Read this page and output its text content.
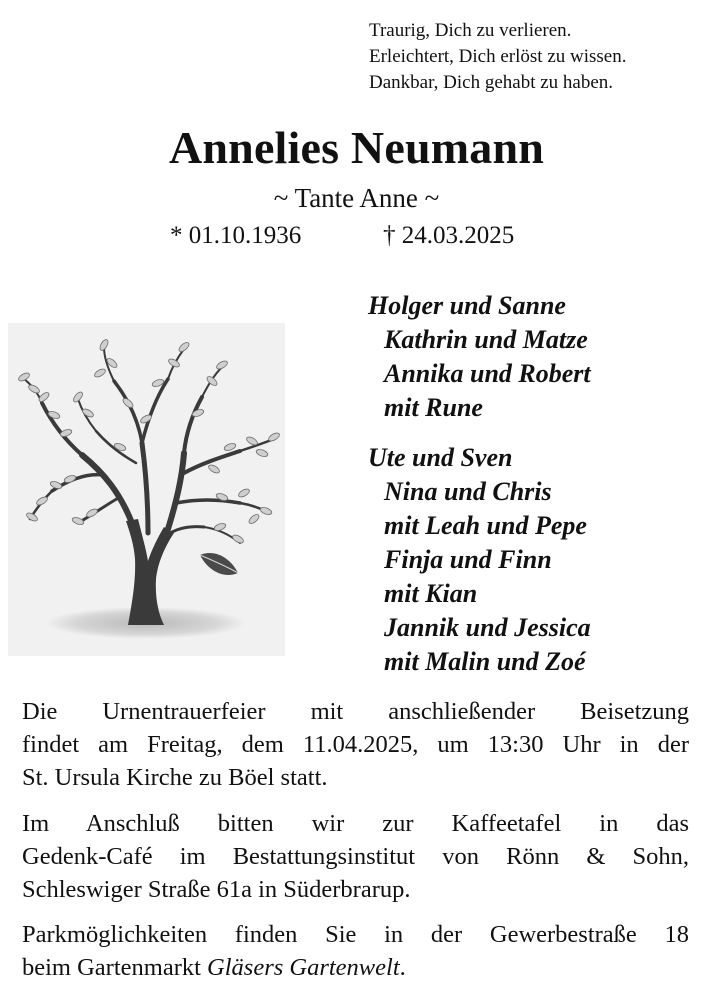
Traurig, Dich zu verlieren.
Erleichtert, Dich erlöst zu wissen.
Dankbar, Dich gehabt zu haben.
Annelies Neumann
~ Tante Anne ~
* 01.10.1936	† 24.03.2025
Holger und Sanne
Kathrin und Matze
Annika und Robert
mit Rune
Ute und Sven
Nina und Chris
mit Leah und Pepe
Finja und Finn
mit Kian
Jannik und Jessica
mit Malin und Zoé
Die Urnentrauerfeier mit anschließender Beisetzung
findet am Freitag, dem 11.04.2025, um 13:30 Uhr in der
St. Ursula Kirche zu Böel statt.
Im Anschluß bitten wir zur Kaffeetafel in das
Gedenk-Café im Bestattungsinstitut von Rönn & Sohn,
Schleswiger Straße 61a in Süderbrarup.
Parkmöglichkeiten finden Sie in der Gewerbestraße 18
beim Gartenmarkt Gläsers Gartenwelt.
